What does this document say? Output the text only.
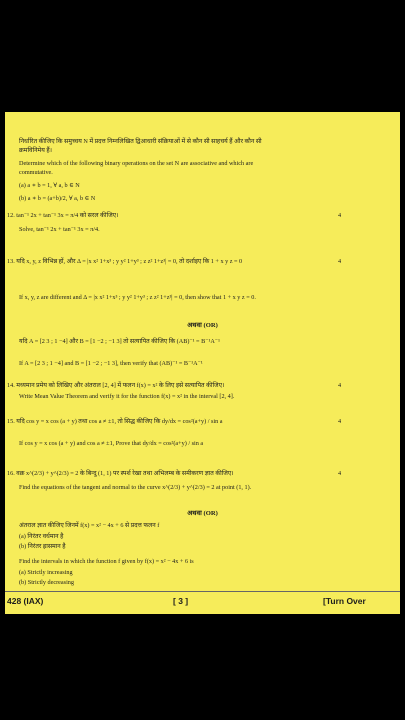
निर्धारित कीजिए कि समुच्चय N में प्रदत्त निम्नलिखित द्विआधारी संक्रियाओं में से कौन सी साहचर्य हैं और कौन सी
क्रमविनिमेय हैं।
Determine which of the following binary operations on the set N are associative and which are
commutative.
(a) a ∗ b = 1, ∀ a, b ∈ N
(b) a ∗ b = (a+b)/2, ∀ a, b ∈ N
12. tan⁻¹ 2x + tan⁻¹ 3x = π/4 को सरल कीजिए।	4
Solve, tan⁻¹ 2x + tan⁻¹ 3x = π/4.
13. यदि x, y, z विभिन्न हों, और Δ = |x x² 1+x³ ; y y² 1+y³ ; z z² 1+z³| = 0, तो दर्शाइए कि 1 + x y z = 0	4
If x, y, z are different and Δ = |x x² 1+x³ ; y y² 1+y³ ; z z² 1+z³| = 0, then show that 1 + x y z = 0.
अथवा (OR)
यदि A = [2 3 ; 1 −4] और B = [1 −2 ; −1 3] तो सत्यापित कीजिए कि (AB)⁻¹ = B⁻¹A⁻¹
If A = [2 3 ; 1 −4] and B = [1 −2 ; −1 3], then verify that (AB)⁻¹ = B⁻¹A⁻¹
14. मध्यमान प्रमेय को लिखिए और अंतराल [2, 4] में फलन f(x) = x² के लिए इसे सत्यापित कीजिए।	4
Write Mean Value Theorem and verify it for the function f(x) = x² in the interval [2, 4].
15. यदि cos y = x cos (a + y) तथा cos a ≠ ±1, तो सिद्ध कीजिए कि dy/dx = cos²(a+y) / sin a	4
If cos y = x cos (a + y) and cos a ≠ ±1, Prove that dy/dx = cos²(a+y) / sin a
16. वक्र x^(2/3) + y^(2/3) = 2 के बिन्दु (1, 1) पर स्पर्श रेखा तथा अभिलम्ब के समीकरण ज्ञात कीजिए।	4
Find the equations of the tangent and normal to the curve x^(2/3) + y^(2/3) = 2 at point (1, 1).
अथवा (OR)
अंतराल ज्ञात कीजिए जिनमें f(x) = x² − 4x + 6 से प्रदत्त फलन f
(a) निरंतर वर्धमान है
(b) निरंतर ह्रासमान है
Find the intervals in which the function f given by f(x) = x² − 4x + 6 is
(a) Strictly increasing
(b) Strictly decreasing
428 (IAX)	[ 3 ]	[Turn Over
